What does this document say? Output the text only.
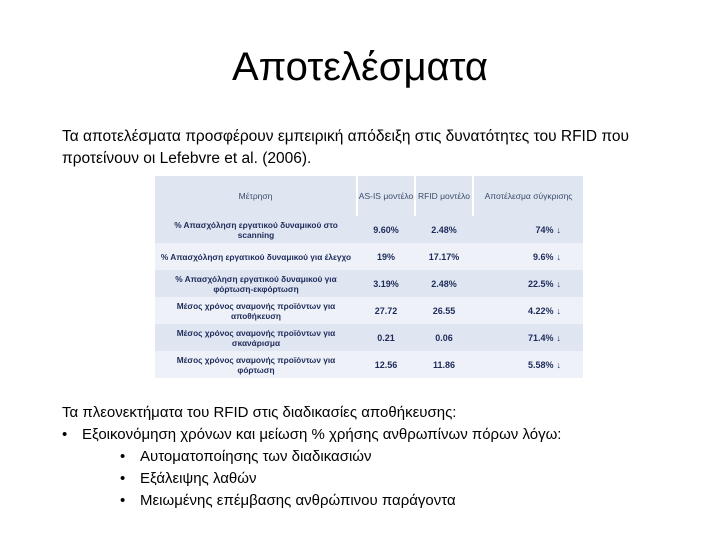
Αποτελέσματα
Τα αποτελέσματα προσφέρουν εμπειρική απόδειξη στις δυνατότητες του RFID που προτείνουν οι Lefebvre et al. (2006).
Μέτρηση	AS-IS μοντέλο	RFID μοντέλο	Αποτέλεσμα σύγκρισης
% Απασχόληση εργατικού δυναμικού στο scanning	9.60%	2.48%	74% ↓
% Απασχόληση εργατικού δυναμικού για έλεγχο	19%	17.17%	9.6% ↓
% Απασχόληση εργατικού δυναμικού για φόρτωση-εκφόρτωση	3.19%	2.48%	22.5% ↓
Μέσος χρόνος αναμονής προϊόντων για αποθήκευση	27.72	26.55	4.22% ↓
Μέσος χρόνος αναμονής προϊόντων για σκανάρισμα	0.21	0.06	71.4% ↓
Μέσος χρόνος αναμονής προϊόντων για φόρτωση	12.56	11.86	5.58% ↓
Τα πλεονεκτήματα του RFID στις διαδικασίες αποθήκευσης:
• Εξοικονόμηση χρόνων και μείωση % χρήσης ανθρωπίνων πόρων λόγω:
• Αυτοματοποίησης των διαδικασιών
• Εξάλειψης λαθών
• Μειωμένης επέμβασης ανθρώπινου παράγοντα
